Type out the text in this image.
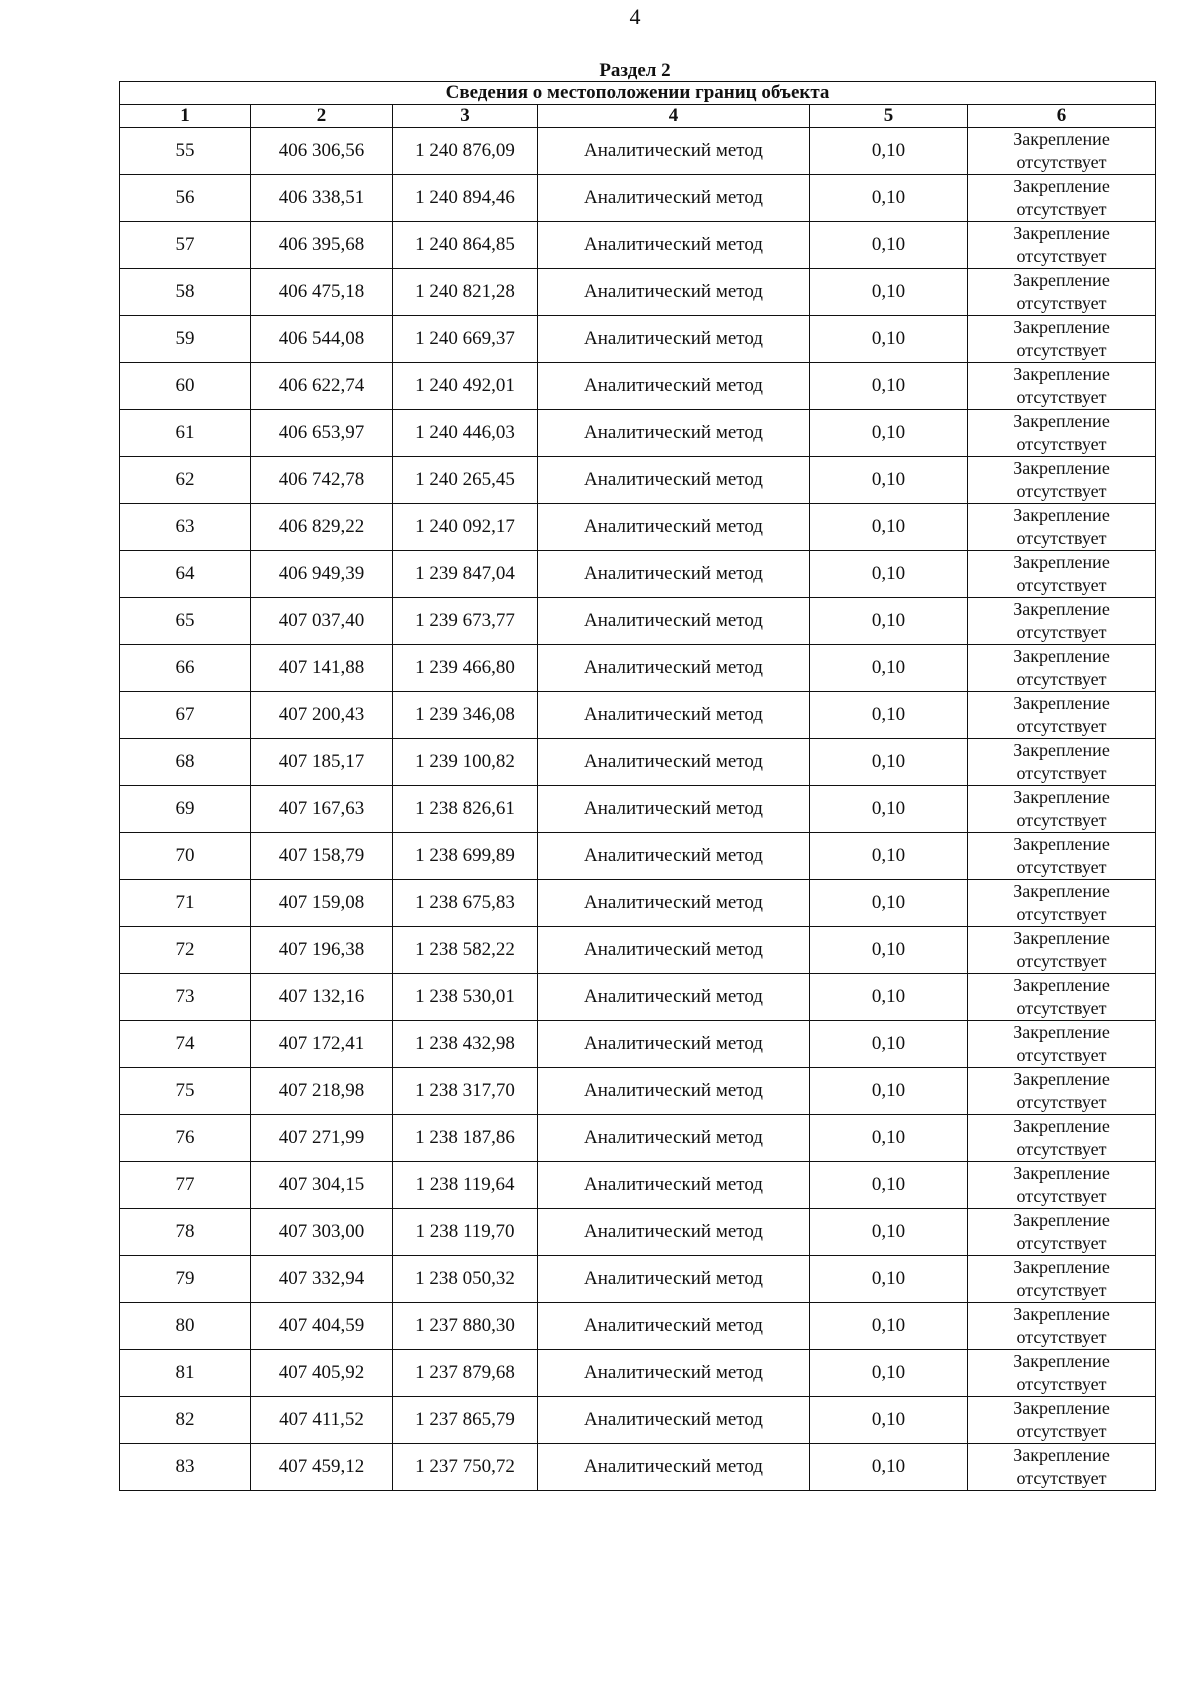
4
Раздел 2
Сведения о местоположении границ объекта					
1	2	3	4	5	6
55	406 306,56	1 240 876,09	Аналитический метод	0,10	Закрепление
отсутствует

56	406 338,51	1 240 894,46	Аналитический метод	0,10	Закрепление
отсутствует

57	406 395,68	1 240 864,85	Аналитический метод	0,10	Закрепление
отсутствует

58	406 475,18	1 240 821,28	Аналитический метод	0,10	Закрепление
отсутствует

59	406 544,08	1 240 669,37	Аналитический метод	0,10	Закрепление
отсутствует

60	406 622,74	1 240 492,01	Аналитический метод	0,10	Закрепление
отсутствует

61	406 653,97	1 240 446,03	Аналитический метод	0,10	Закрепление
отсутствует

62	406 742,78	1 240 265,45	Аналитический метод	0,10	Закрепление
отсутствует

63	406 829,22	1 240 092,17	Аналитический метод	0,10	Закрепление
отсутствует

64	406 949,39	1 239 847,04	Аналитический метод	0,10	Закрепление
отсутствует

65	407 037,40	1 239 673,77	Аналитический метод	0,10	Закрепление
отсутствует

66	407 141,88	1 239 466,80	Аналитический метод	0,10	Закрепление
отсутствует

67	407 200,43	1 239 346,08	Аналитический метод	0,10	Закрепление
отсутствует

68	407 185,17	1 239 100,82	Аналитический метод	0,10	Закрепление
отсутствует

69	407 167,63	1 238 826,61	Аналитический метод	0,10	Закрепление
отсутствует

70	407 158,79	1 238 699,89	Аналитический метод	0,10	Закрепление
отсутствует

71	407 159,08	1 238 675,83	Аналитический метод	0,10	Закрепление
отсутствует

72	407 196,38	1 238 582,22	Аналитический метод	0,10	Закрепление
отсутствует

73	407 132,16	1 238 530,01	Аналитический метод	0,10	Закрепление
отсутствует

74	407 172,41	1 238 432,98	Аналитический метод	0,10	Закрепление
отсутствует

75	407 218,98	1 238 317,70	Аналитический метод	0,10	Закрепление
отсутствует

76	407 271,99	1 238 187,86	Аналитический метод	0,10	Закрепление
отсутствует

77	407 304,15	1 238 119,64	Аналитический метод	0,10	Закрепление
отсутствует

78	407 303,00	1 238 119,70	Аналитический метод	0,10	Закрепление
отсутствует

79	407 332,94	1 238 050,32	Аналитический метод	0,10	Закрепление
отсутствует

80	407 404,59	1 237 880,30	Аналитический метод	0,10	Закрепление
отсутствует

81	407 405,92	1 237 879,68	Аналитический метод	0,10	Закрепление
отсутствует

82	407 411,52	1 237 865,79	Аналитический метод	0,10	Закрепление
отсутствует

83	407 459,12	1 237 750,72	Аналитический метод	0,10	Закрепление
отсутствует
